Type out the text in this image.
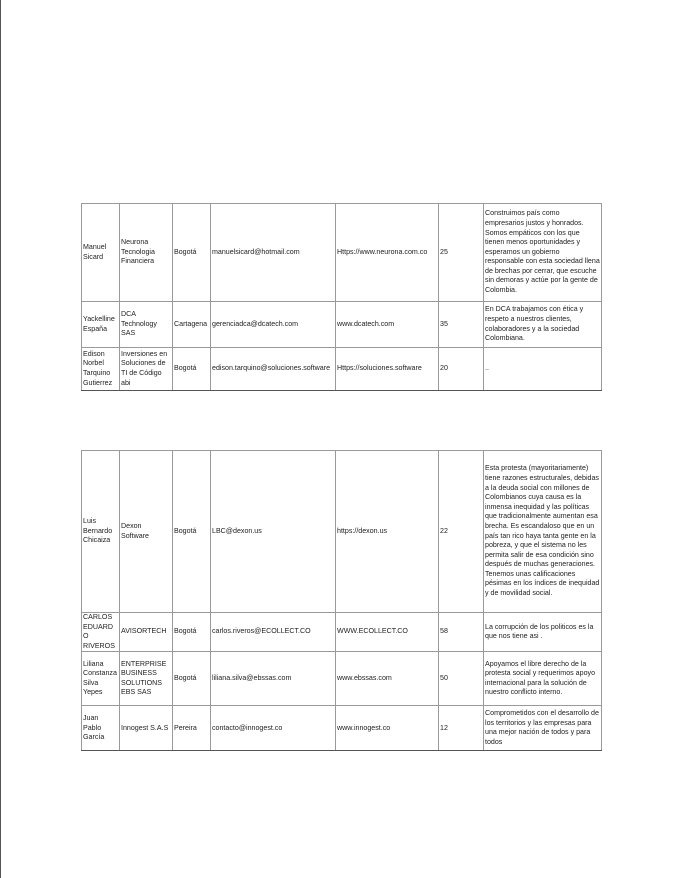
Manuel Sicard	Neurona Tecnologia Financiera	Bogotá	manuelsicard@hotmail.com	Https://www.neurona.com.co	25	Construimos país como empresarios justos y honrados. Somos empáticos con los que tienen menos oportunidades y esperamos un gobierno responsable con esta sociedad llena de brechas por cerrar, que escuche sin demoras y actúe por la gente de Colombia.
Yackelline España	DCA Technology SAS	Cartagena	gerenciadca@dcatech.com	www.dcatech.com	35	En DCA trabajamos con ética y respeto a nuestros clientes, colaboradores y a la sociedad Colombiana.
Edison Norbel Tarquino Gutierrez	Inversiones en Soluciones de TI de Código abi	Bogotá	edison.tarquino@soluciones.software	Https://soluciones.software	20	..
Luis Bernardo Chicaiza	Dexon Software	Bogotá	LBC@dexon.us	https://dexon.us	22	Esta protesta (mayoritariamente) tiene razones estructurales, debidas a la deuda social con millones de Colombianos cuya causa es la inmensa inequidad y las políticas que tradicionalmente aumentan esa brecha. Es escandaloso que en un país tan rico haya tanta gente en la pobreza, y que el sistema no les permita salir de esa condición sino después de muchas generaciones. Tenemos unas calificaciones pésimas en los índices de inequidad y de movilidad social.
CARLOS EDUARDO RIVEROS	AVISORTECH	Bogotá	carlos.riveros@ECOLLECT.CO	WWW.ECOLLECT.CO	58	La corrupción de los politicos es la que nos tiene asi .
Liliana Constanza Silva Yepes	ENTERPRISE BUSINESS SOLUTIONS EBS SAS	Bogotá	liliana.silva@ebssas.com	www.ebssas.com	50	Apoyamos el libre derecho de la protesta social y requerimos apoyo internacional para la solución de nuestro conflicto interno.
Juan Pablo García	Innogest S.A.S	Pereira	contacto@innogest.co	www.innogest.co	12	Comprometidos con el desarrollo de los territorios y las empresas para una mejor nación de todos y para todos
